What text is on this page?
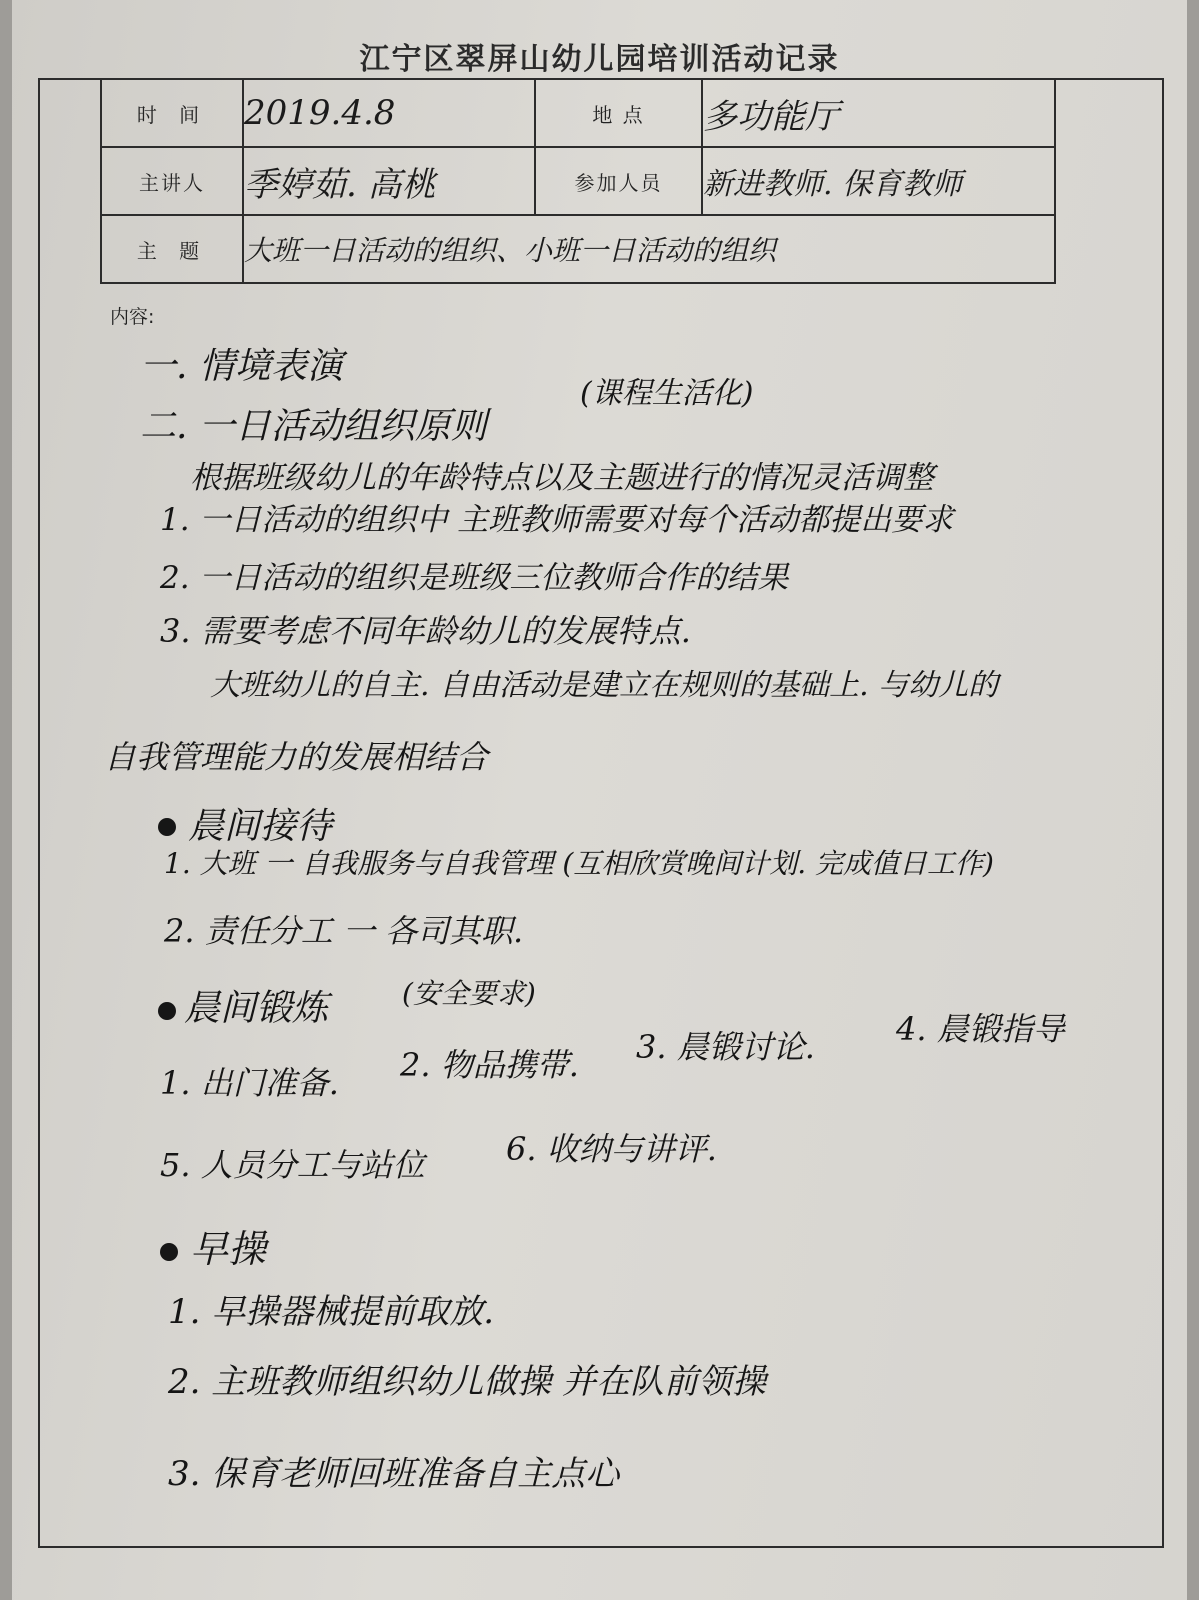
江宁区翠屏山幼儿园培训活动记录
时 间	2019.4.8	地 点	多功能厅
主讲人	季婷茹. 高桃	参加人员	新进教师. 保育教师
主 题	大班一日活动的组织、小班一日活动的组织		
内容:
一. 情境表演
二. 一日活动组织原则
(课程生活化)
根据班级幼儿的年龄特点以及主题进行的情况灵活调整
1. 一日活动的组织中 主班教师需要对每个活动都提出要求
2. 一日活动的组织是班级三位教师合作的结果
3. 需要考虑不同年龄幼儿的发展特点.
大班幼儿的自主. 自由活动是建立在规则的基础上. 与幼儿的
自我管理能力的发展相结合
晨间接待
1. 大班 一 自我服务与自我管理 (互相欣赏晚间计划. 完成值日工作)
2. 责任分工 一 各司其职.
晨间锻炼	(安全要求)
1. 出门准备. 2. 物品携带. 3. 晨锻讨论.	4. 晨锻指导
5. 人员分工与站位	6. 收纳与讲评.
早操
1. 早操器械提前取放.
2. 主班教师组织幼儿做操 并在队前领操
3. 保育老师回班准备自主点心
